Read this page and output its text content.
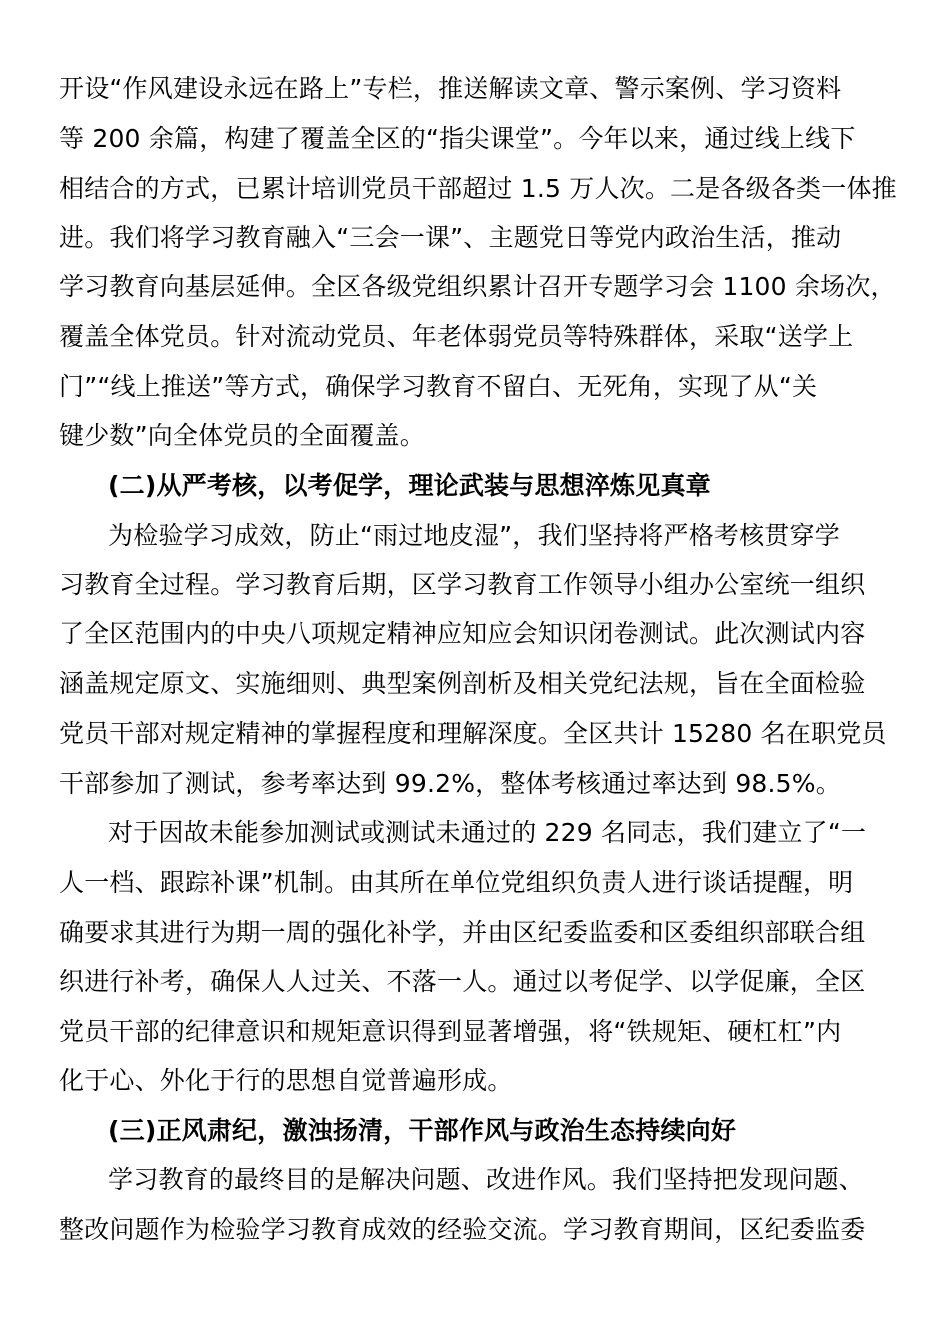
开设“作风建设永远在路上”专栏，推送解读文章、警示案例、学习资料
等 200 余篇，构建了覆盖全区的“指尖课堂”。今年以来，通过线上线下
相结合的方式，已累计培训党员干部超过 1.5 万人次。二是各级各类一体推
进。我们将学习教育融入“三会一课”、主题党日等党内政治生活，推动
学习教育向基层延伸。全区各级党组织累计召开专题学习会 1100 余场次，
覆盖全体党员。针对流动党员、年老体弱党员等特殊群体，采取“送学上
门”“线上推送”等方式，确保学习教育不留白、无死角，实现了从“关
键少数”向全体党员的全面覆盖。
(二)从严考核，以考促学，理论武装与思想淬炼见真章
为检验学习成效，防止“雨过地皮湿”，我们坚持将严格考核贯穿学
习教育全过程。学习教育后期，区学习教育工作领导小组办公室统一组织
了全区范围内的中央八项规定精神应知应会知识闭卷测试。此次测试内容
涵盖规定原文、实施细则、典型案例剖析及相关党纪法规，旨在全面检验
党员干部对规定精神的掌握程度和理解深度。全区共计 15280 名在职党员
干部参加了测试，参考率达到 99.2%，整体考核通过率达到 98.5%。
对于因故未能参加测试或测试未通过的 229 名同志，我们建立了“一
人一档、跟踪补课”机制。由其所在单位党组织负责人进行谈话提醒，明
确要求其进行为期一周的强化补学，并由区纪委监委和区委组织部联合组
织进行补考，确保人人过关、不落一人。通过以考促学、以学促廉，全区
党员干部的纪律意识和规矩意识得到显著增强，将“铁规矩、硬杠杠”内
化于心、外化于行的思想自觉普遍形成。
(三)正风肃纪，激浊扬清，干部作风与政治生态持续向好
学习教育的最终目的是解决问题、改进作风。我们坚持把发现问题、
整改问题作为检验学习教育成效的经验交流。学习教育期间，区纪委监委
